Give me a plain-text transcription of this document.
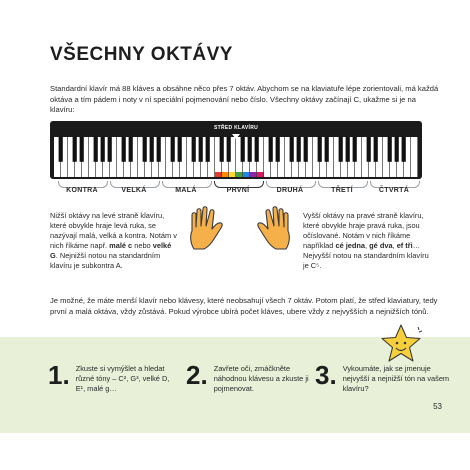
VŠECHNY OKTÁVY

Standardní klavír má 88 kláves a obsáhne něco přes 7 oktáv. Abychom se na klaviatuře lépe zorientovali, má každá oktáva a tím pádem i noty v ní speciální pojmenování nebo číslo. Všechny oktávy začínají C, ukažme si je na klavíru:

STŘED KLAVÍRU
KONTRA	VELKÁ	MALÁ	PRVNÍ	DRUHÁ	TŘETÍ	ČTVRTÁ

Nižší oktávy na levé straně klavíru, které obvykle hraje levá ruka, se nazývají malá, velká a kontra. Notám v nich říkáme např. malé c nebo velké G. Nejnižší notou na standardním klavíru je subkontra A.

Vyšší oktávy na pravé straně klavíru, které obvykle hraje pravá ruka, jsou očíslované. Notám v nich říkáme například cé jedna, gé dva, ef tři… Nejvyšší notou na standardním klavíru je C⁵.

Je možné, že máte menší klavír nebo klávesy, které neobsahují všech 7 oktáv. Potom platí, že střed klaviatury, tedy první a malá oktáva, vždy zůstává. Pokud výrobce ubírá počet kláves, ubere vždy z nejvyšších a nejnižších tónů.

1. Zkuste si vymýšlet a hledat různé tóny – C², G³, velké D, E¹, malé g…	2. Zavřete oči, zmáčkněte náhodnou klávesu a zkuste ji pojmenovat.	3. Vykoumáte, jak se jmenuje nejvyšší a nejnižší tón na vašem klavíru?

53
